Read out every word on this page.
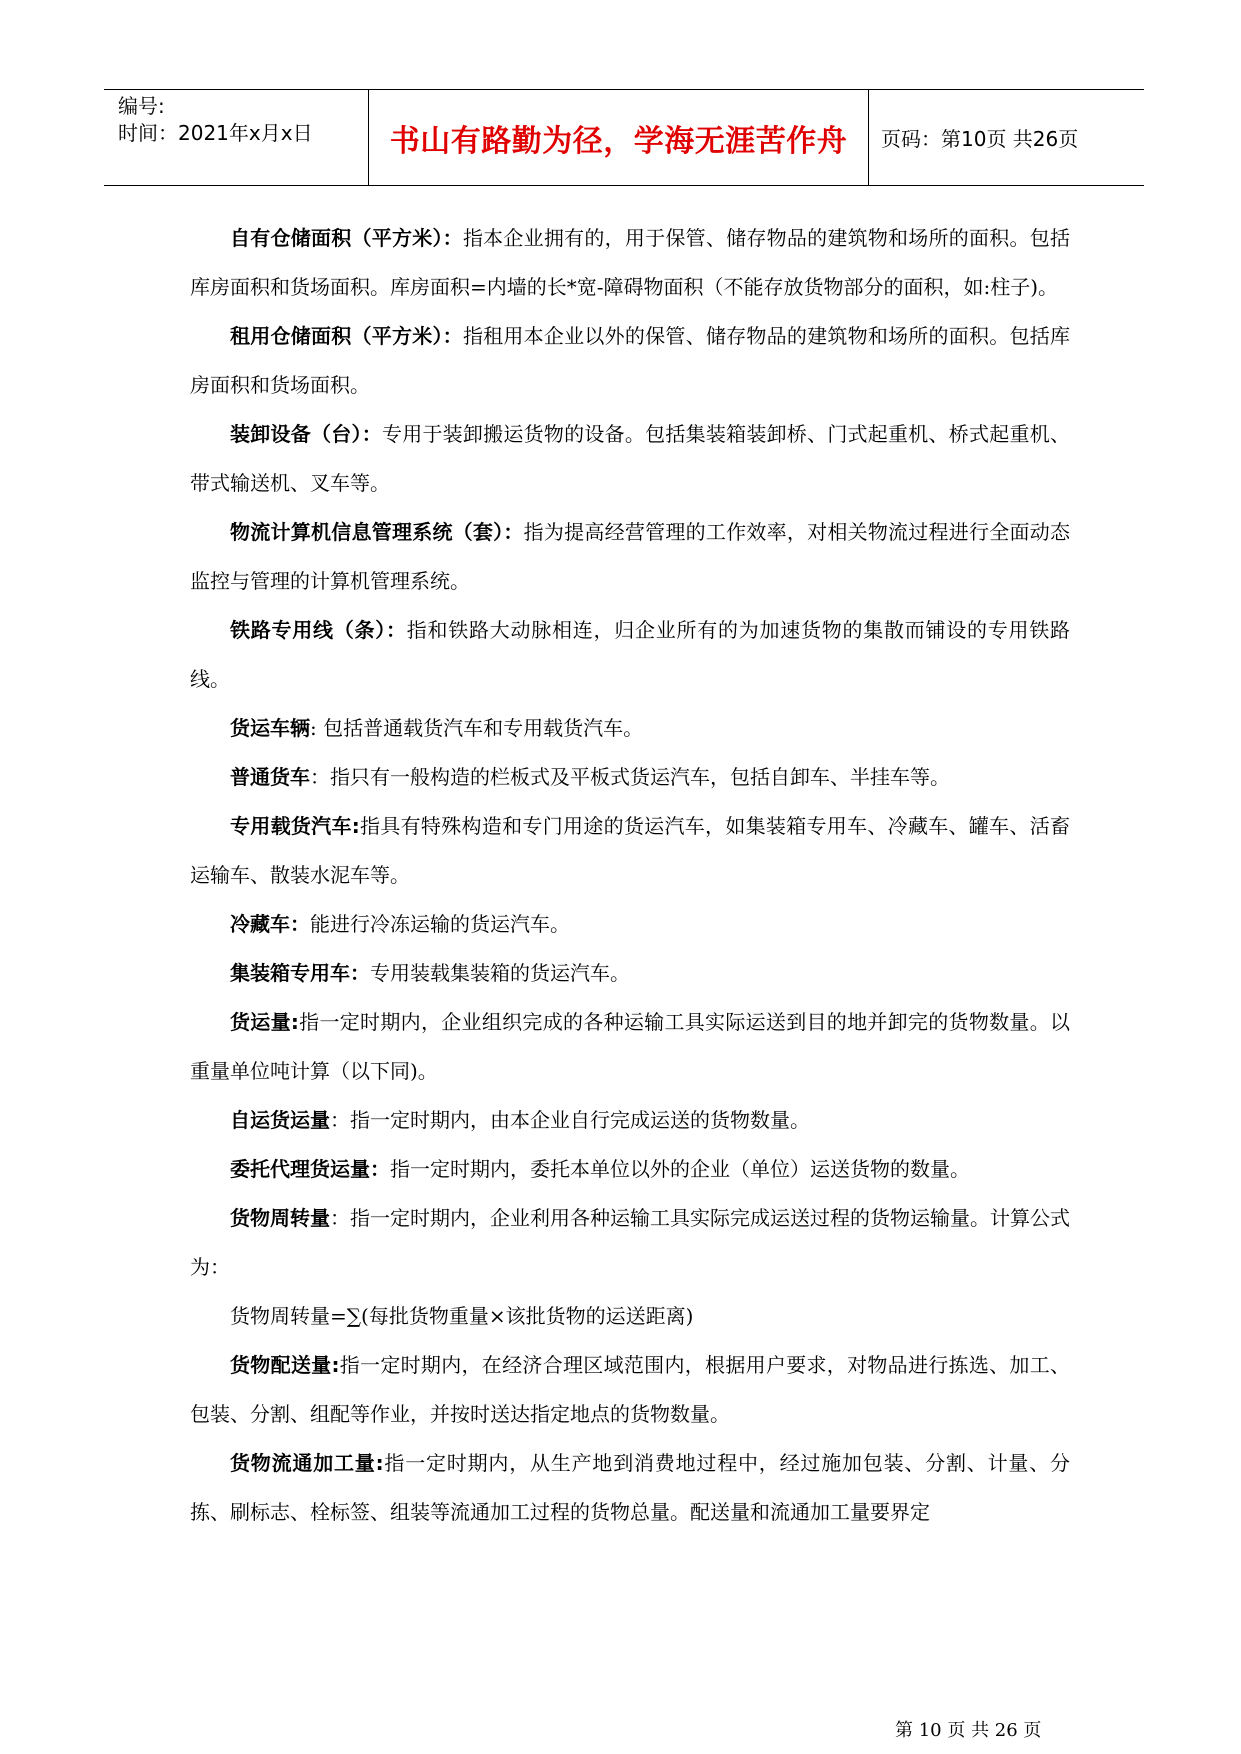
编号:
时间：2021年x月x日	书山有路勤为径，学海无涯苦作舟 页码：第10页 共26页

自有仓储面积（平方米）：指本企业拥有的，用于保管、储存物品的建筑物和场所的面积。包括库房面积和货场面积。库房面积=内墙的长*宽-障碍物面积（不能存放货物部分的面积，如:柱子)。

租用仓储面积（平方米）：指租用本企业以外的保管、储存物品的建筑物和场所的面积。包括库房面积和货场面积。

装卸设备（台）：专用于装卸搬运货物的设备。包括集装箱装卸桥、门式起重机、桥式起重机、带式输送机、叉车等。

物流计算机信息管理系统（套）：指为提高经营管理的工作效率，对相关物流过程进行全面动态监控与管理的计算机管理系统。

铁路专用线（条）：指和铁路大动脉相连，归企业所有的为加速货物的集散而铺设的专用铁路线。

货运车辆: 包括普通载货汽车和专用载货汽车。

普通货车：指只有一般构造的栏板式及平板式货运汽车，包括自卸车、半挂车等。

专用载货汽车:指具有特殊构造和专门用途的货运汽车，如集装箱专用车、冷藏车、罐车、活畜运输车、散装水泥车等。

冷藏车：能进行冷冻运输的货运汽车。

集装箱专用车：专用装载集装箱的货运汽车。

货运量:指一定时期内，企业组织完成的各种运输工具实际运送到目的地并卸完的货物数量。以重量单位吨计算（以下同)。

自运货运量：指一定时期内，由本企业自行完成运送的货物数量。

委托代理货运量：指一定时期内，委托本单位以外的企业（单位）运送货物的数量。

货物周转量：指一定时期内，企业利用各种运输工具实际完成运送过程的货物运输量。计算公式为：

货物周转量=∑(每批货物重量×该批货物的运送距离)

货物配送量:指一定时期内，在经济合理区域范围内，根据用户要求，对物品进行拣选、加工、包装、分割、组配等作业，并按时送达指定地点的货物数量。

货物流通加工量:指一定时期内，从生产地到消费地过程中，经过施加包装、分割、计量、分拣、刷标志、栓标签、组装等流通加工过程的货物总量。配送量和流通加工量要界定

第 10 页 共 26 页
